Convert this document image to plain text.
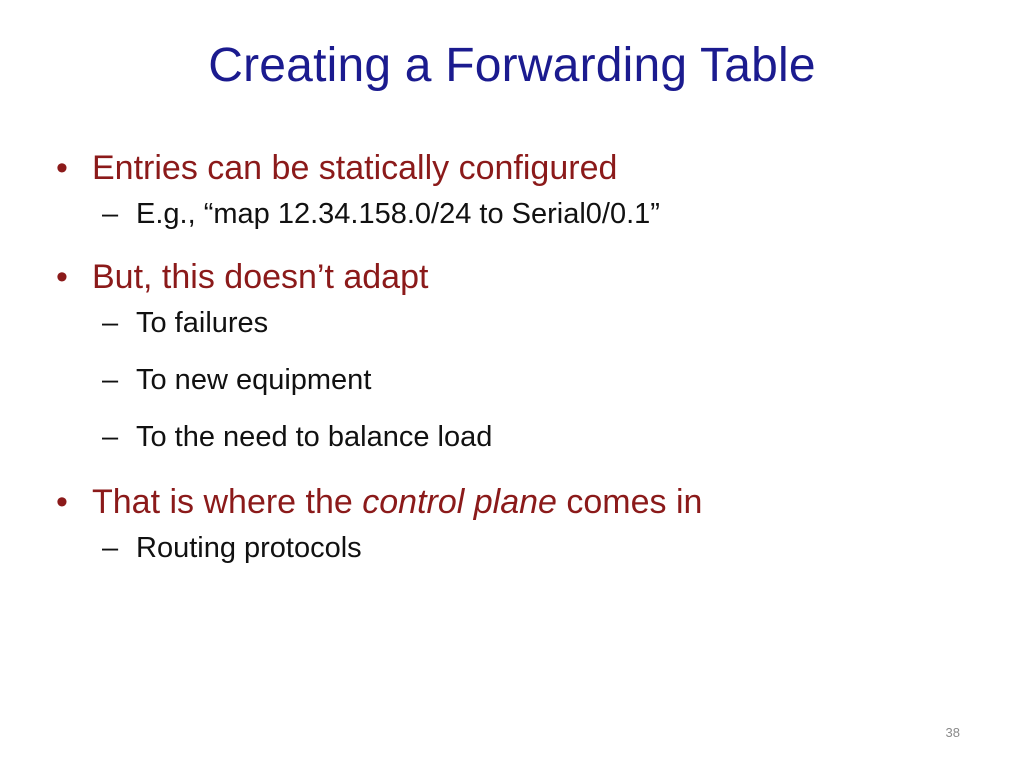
Creating a Forwarding Table
• Entries can be statically configured
– E.g., “map 12.34.158.0/24 to Serial0/0.1”
• But, this doesn’t adapt
– To failures
– To new equipment
– To the need to balance load
• That is where the control plane comes in
– Routing protocols
38
